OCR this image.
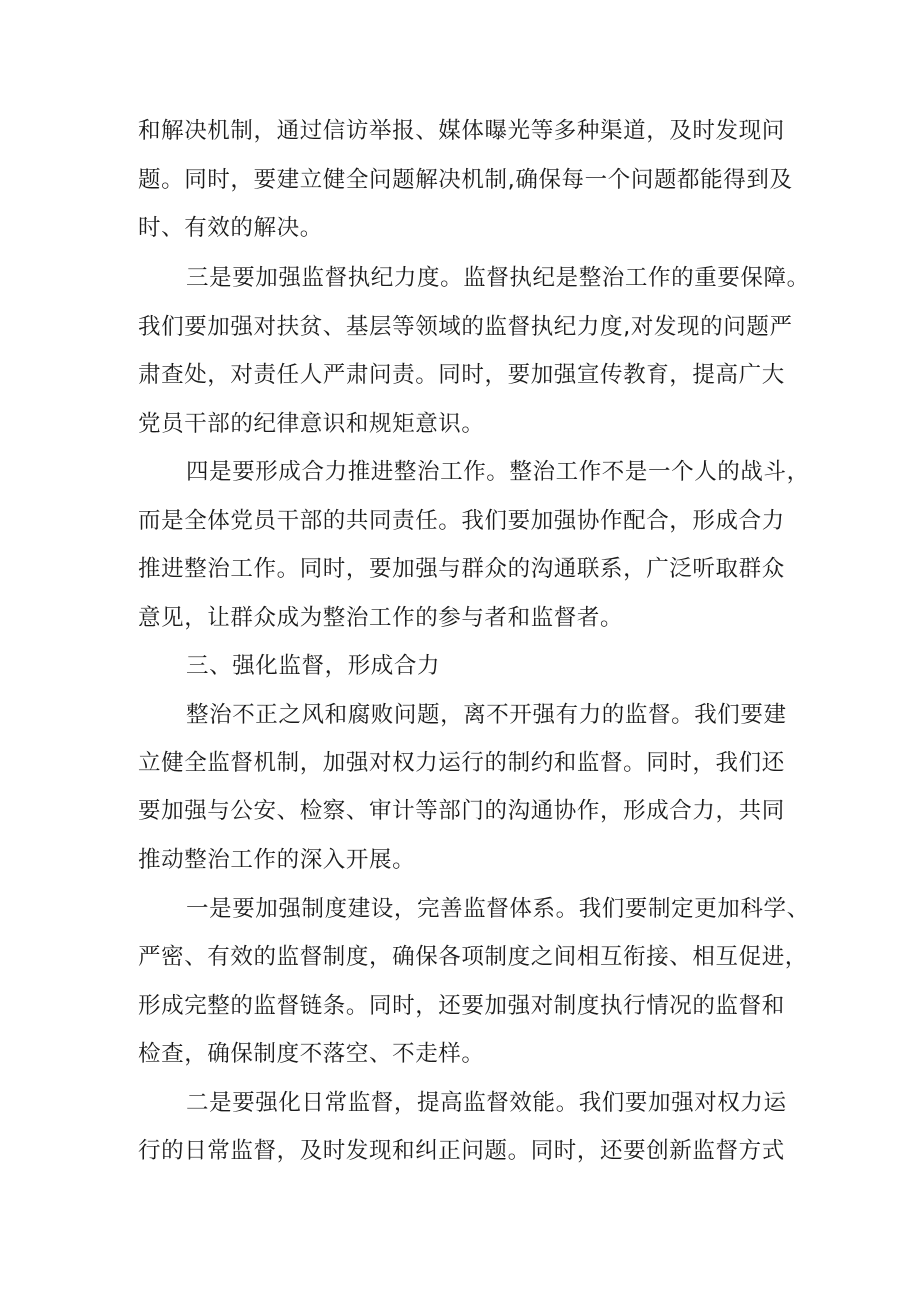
和解决机制，通过信访举报、媒体曝光等多种渠道，及时发现问
题。同时，要建立健全问题解决机制,确保每一个问题都能得到及
时、有效的解决。
三是要加强监督执纪力度。监督执纪是整治工作的重要保障。
我们要加强对扶贫、基层等领域的监督执纪力度,对发现的问题严
肃查处，对责任人严肃问责。同时，要加强宣传教育，提高广大
党员干部的纪律意识和规矩意识。
四是要形成合力推进整治工作。整治工作不是一个人的战斗，
而是全体党员干部的共同责任。我们要加强协作配合，形成合力
推进整治工作。同时，要加强与群众的沟通联系，广泛听取群众
意见，让群众成为整治工作的参与者和监督者。
三、强化监督，形成合力
整治不正之风和腐败问题，离不开强有力的监督。我们要建
立健全监督机制，加强对权力运行的制约和监督。同时，我们还
要加强与公安、检察、审计等部门的沟通协作，形成合力，共同
推动整治工作的深入开展。
一是要加强制度建设，完善监督体系。我们要制定更加科学、
严密、有效的监督制度，确保各项制度之间相互衔接、相互促进，
形成完整的监督链条。同时，还要加强对制度执行情况的监督和
检查，确保制度不落空、不走样。
二是要强化日常监督，提高监督效能。我们要加强对权力运
行的日常监督，及时发现和纠正问题。同时，还要创新监督方式
